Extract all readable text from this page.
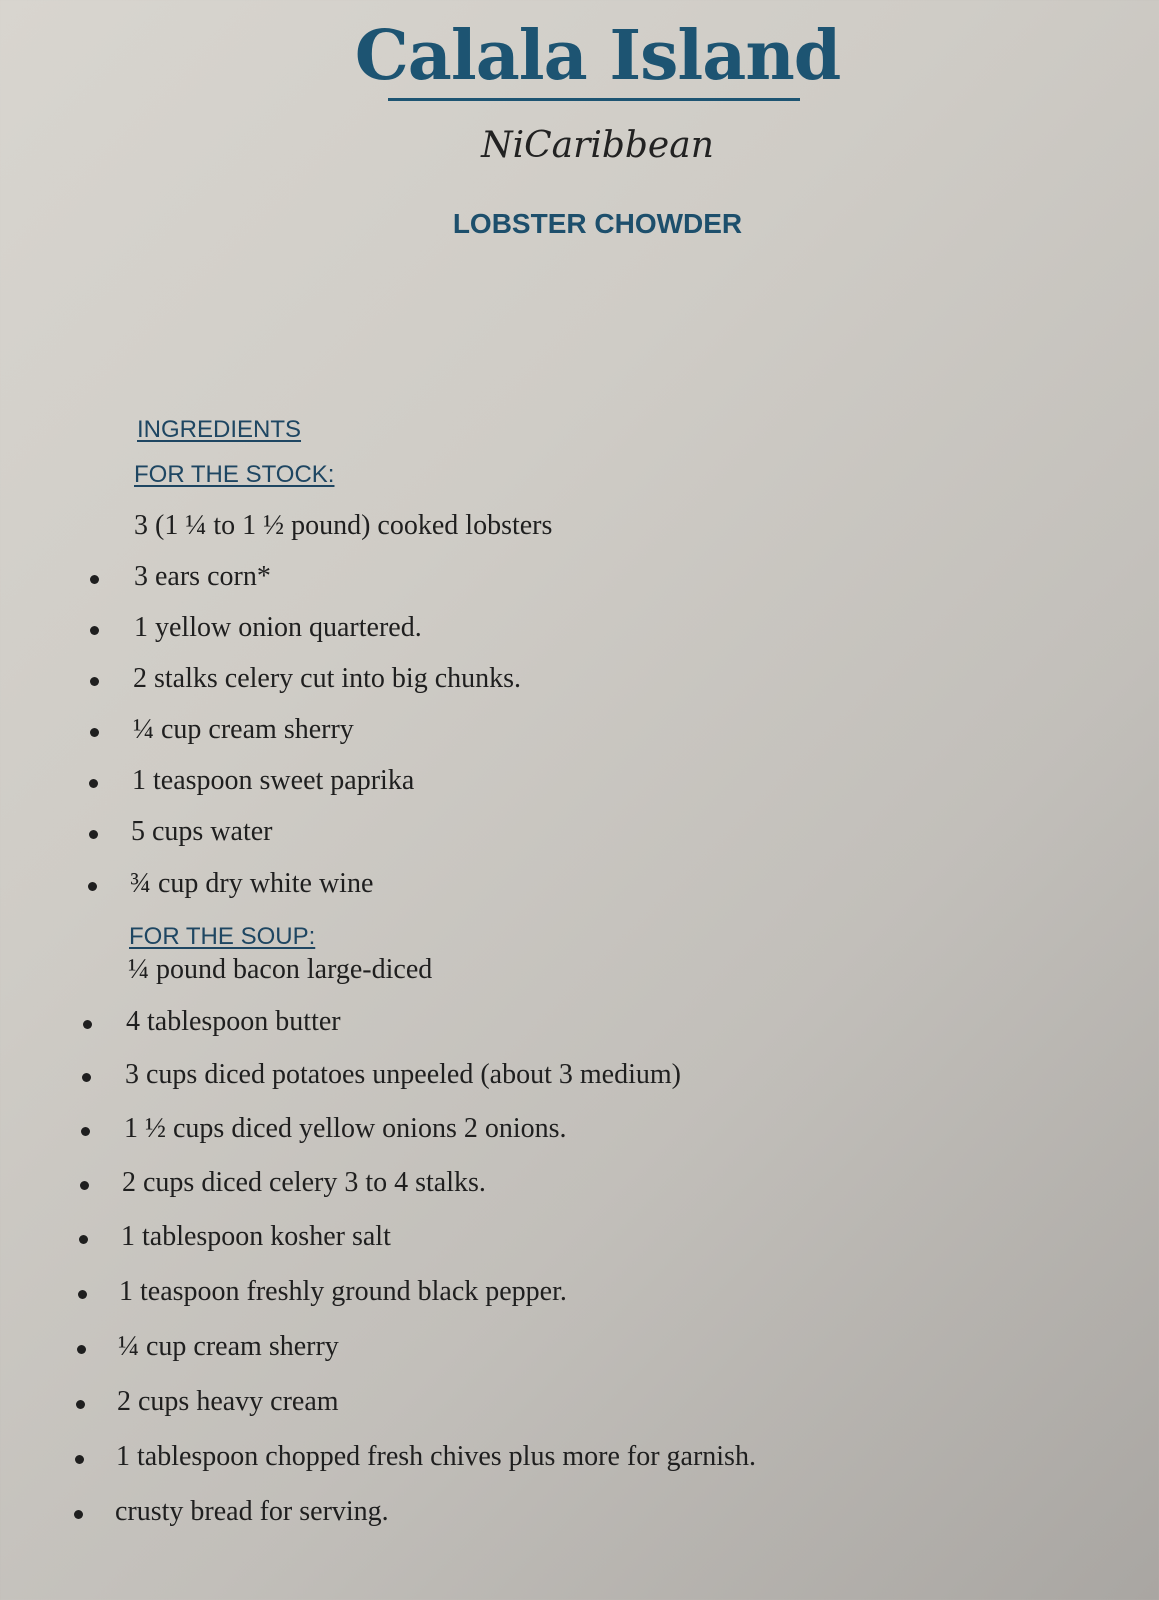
Calala Island
NiCaribbean
LOBSTER CHOWDER
INGREDIENTS
FOR THE STOCK:
3 (1 ¼ to 1 ½ pound) cooked lobsters
3 ears corn*
1 yellow onion quartered.
2 stalks celery cut into big chunks.
¼ cup cream sherry
1 teaspoon sweet paprika
5 cups water
¾ cup dry white wine
FOR THE SOUP:
¼ pound bacon large-diced
4 tablespoon butter
3 cups diced potatoes unpeeled (about 3 medium)
1 ½ cups diced yellow onions 2 onions.
2 cups diced celery 3 to 4 stalks.
1 tablespoon kosher salt
1 teaspoon freshly ground black pepper.
¼ cup cream sherry
2 cups heavy cream
1 tablespoon chopped fresh chives plus more for garnish.
crusty bread for serving.
